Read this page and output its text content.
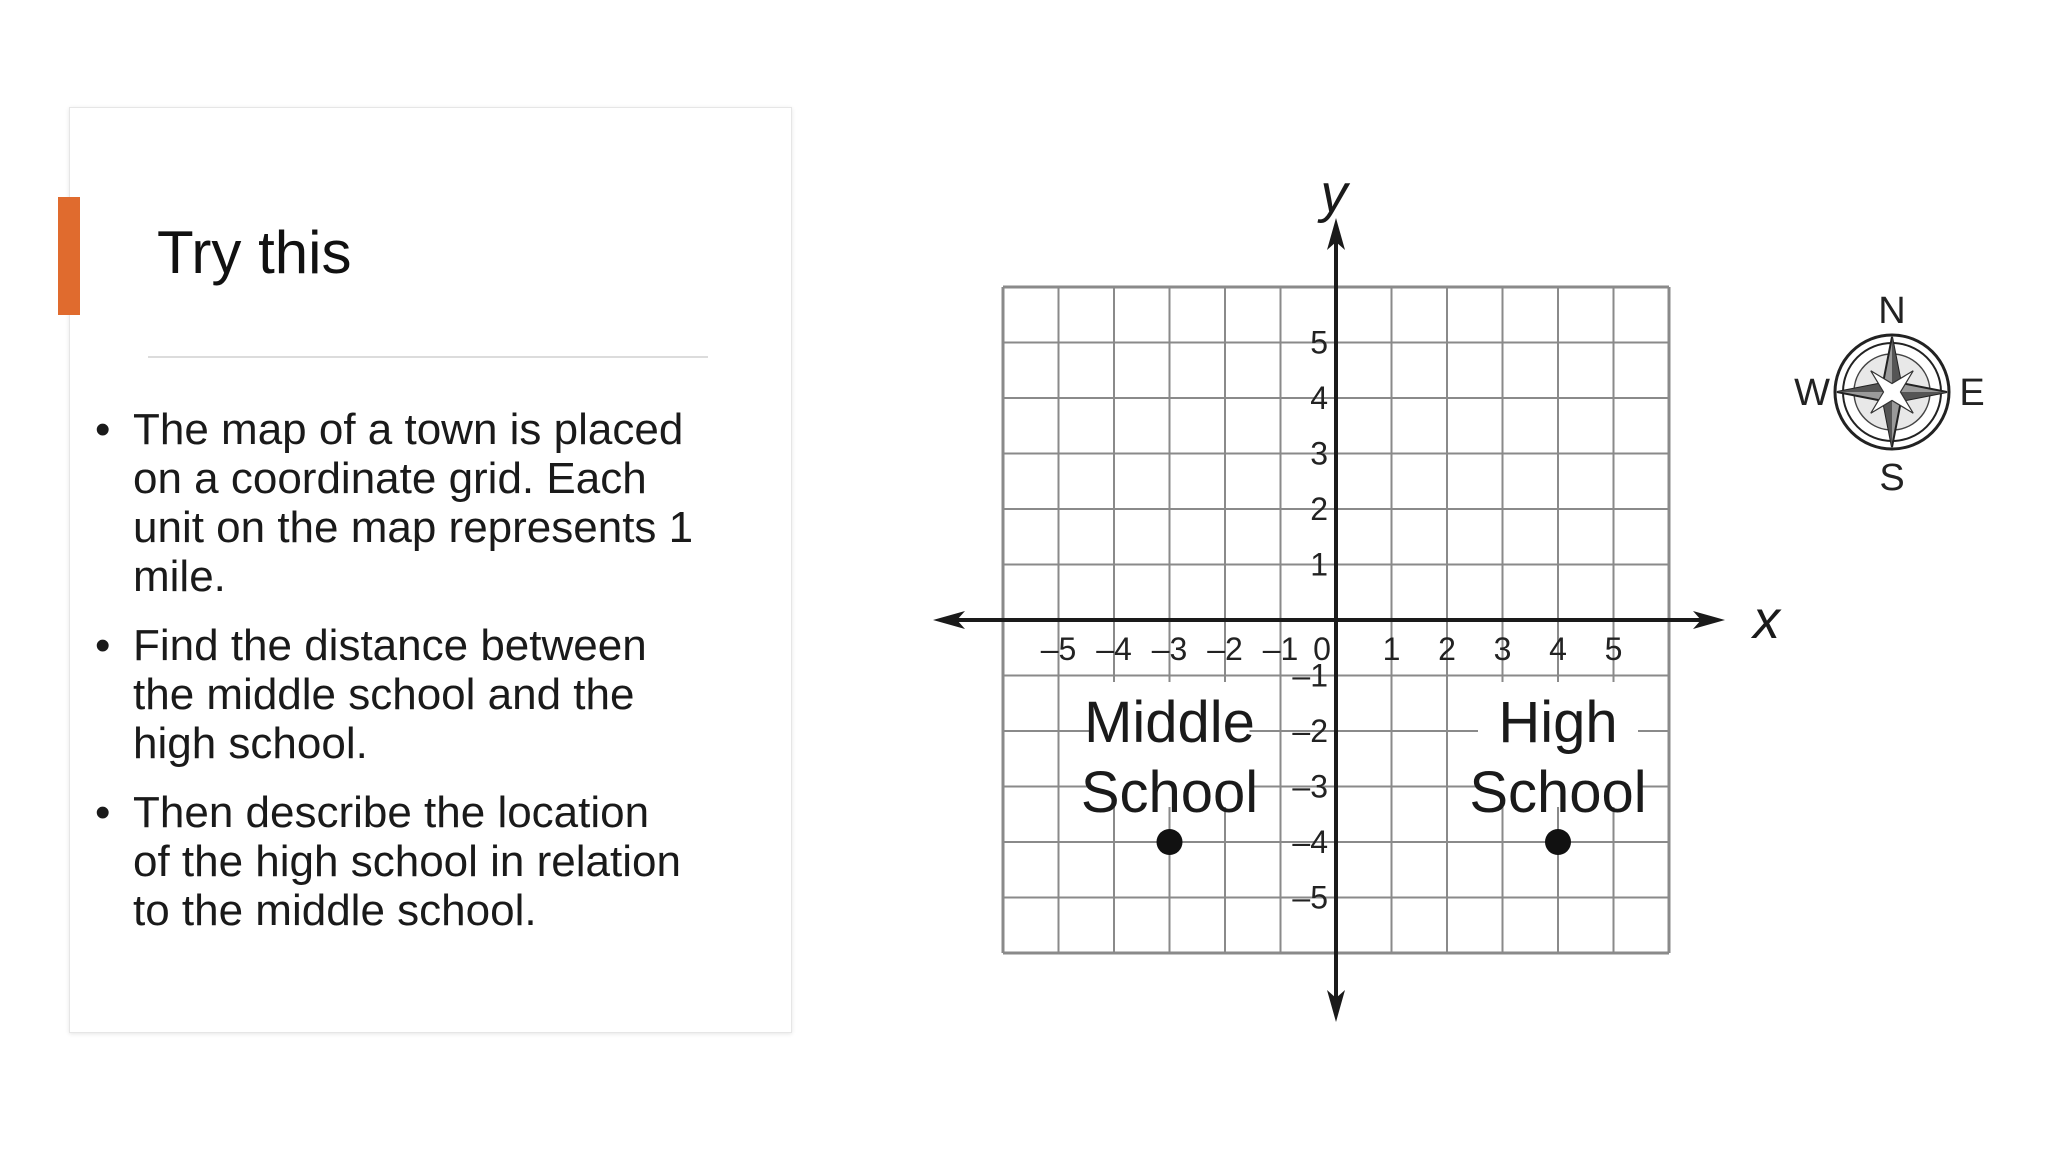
Try this
• The map of a town is placed on a coordinate grid. Each unit on the map represents 1 mile.
• Find the distance between the middle school and the high school.
• Then describe the location of the high school in relation to the middle school.
x
y
–5 –4 –3 –2 –1 0 1 2 3 4 5
5
4
3
2
1
–1
–2
–3
–4
–5
Middle
School
High
School
N
S
E
W
